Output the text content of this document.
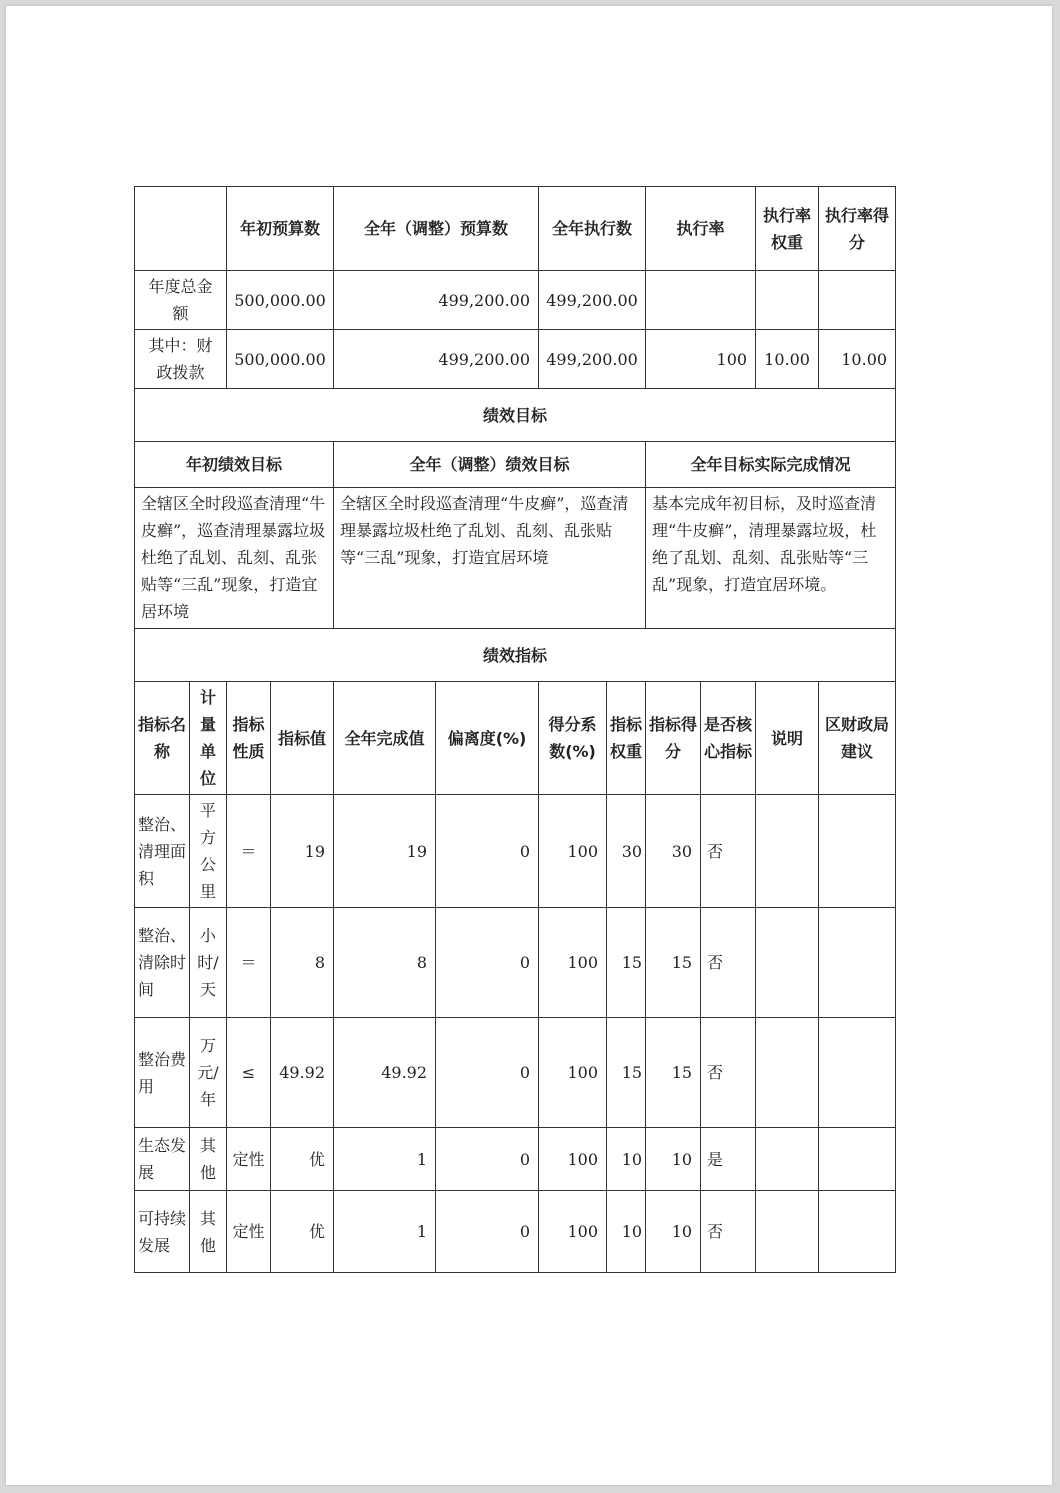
		年初预算数		全年（调整）预算数		全年执行数		执行率		执行率权重	执行率得分
年度总金额		500,000.00		499,200.00		499,200.00					
其中：财政拨款		500,000.00		499,200.00		499,200.00		100		10.00	10.00
绩效目标											
年初绩效目标				全年（调整）绩效目标				全年目标实际完成情况			
全辖区全时段巡查清理“牛皮癣”，巡查清理暴露垃圾杜绝了乱划、乱刻、乱张贴等“三乱”现象，打造宜居环境				全辖区全时段巡查清理“牛皮癣”，巡查清理暴露垃圾杜绝了乱划、乱刻、乱张贴等“三乱”现象，打造宜居环境				基本完成年初目标，及时巡查清理“牛皮癣”，清理暴露垃圾，杜绝了乱划、乱刻、乱张贴等“三乱”现象，打造宜居环境。			
绩效指标											
指标名称	计量单位	指标性质	指标值	全年完成值	偏离度(%)	得分系数(%)	指标权重	指标得分	是否核心指标	说明	区财政局建议
整治、清理面积	平方公里	＝	19	19	0	100	30	30	否		
整治、清除时间	小时/天	＝	8	8	0	100	15	15	否		
整治费用	万元/年	≤	49.92	49.92	0	100	15	15	否		
生态发展	其他	定性	优	1	0	100	10	10	是		
可持续发展	其他	定性	优	1	0	100	10	10	否		
